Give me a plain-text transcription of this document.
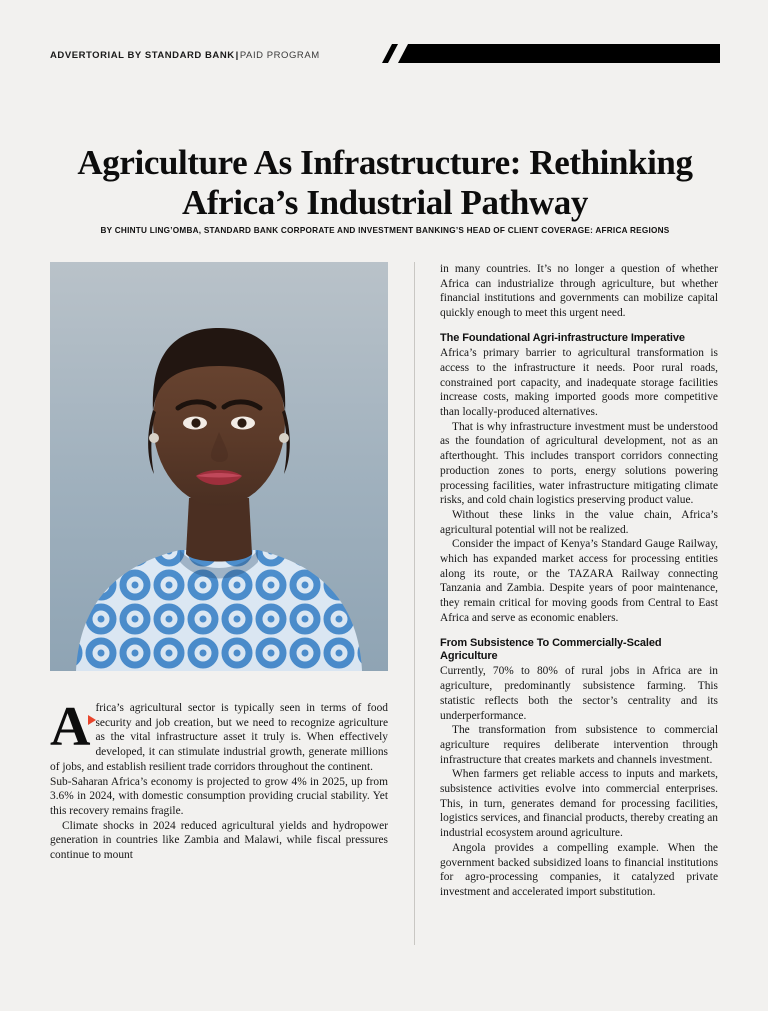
ADVERTORIAL BY STANDARD BANK|PAID PROGRAM
Agriculture As Infrastructure: Rethinking
Africa’s Industrial Pathway
BY CHINTU LING’OMBA, STANDARD BANK CORPORATE AND INVESTMENT BANKING’S HEAD OF CLIENT COVERAGE: AFRICA REGIONS
A frica’s agricultural sector is typically seen in terms of food security and job creation, but we need to recognize agriculture as the vital infrastructure asset it truly is. When effectively developed, it can stimulate industrial growth, generate millions of jobs, and establish resilient trade corridors throughout the continent.

Sub-Saharan Africa’s economy is projected to grow 4% in 2025, up from 3.6% in 2024, with domestic consumption providing crucial stability. Yet this recovery remains fragile.

Climate shocks in 2024 reduced agricultural yields and hydropower generation in countries like Zambia and Malawi, while fiscal pressures continue to mount

in many countries. It’s no longer a question of whether Africa can industrialize through agriculture, but whether financial institutions and governments can mobilize capital quickly enough to meet this urgent need.

The Foundational Agri-infrastructure Imperative

Africa’s primary barrier to agricultural transformation is access to the infrastructure it needs. Poor rural roads, constrained port capacity, and inadequate storage facilities increase costs, making imported goods more competitive than locally-produced alternatives.

That is why infrastructure investment must be understood as the foundation of agricultural development, not as an afterthought. This includes transport corridors connecting production zones to ports, energy solutions powering processing facilities, water infrastructure mitigating climate risks, and cold chain logistics preserving product value.

Without these links in the value chain, Africa’s agricultural potential will not be realized.

Consider the impact of Kenya’s Standard Gauge Railway, which has expanded market access for processing entities along its route, or the TAZARA Railway connecting Tanzania and Zambia. Despite years of poor maintenance, they remain critical for moving goods from Central to East Africa and serve as economic enablers.

From Subsistence To Commercially-Scaled Agriculture

Currently, 70% to 80% of rural jobs in Africa are in agriculture, predominantly subsistence farming. This statistic reflects both the sector’s centrality and its underperformance.

The transformation from subsistence to commercial agriculture requires deliberate intervention through infrastructure that creates markets and channels investment.

When farmers get reliable access to inputs and markets, subsistence activities evolve into commercial enterprises. This, in turn, generates demand for processing facilities, logistics services, and financial products, thereby creating an industrial ecosystem around agriculture.

Angola provides a compelling example. When the government backed subsidized loans to financial institutions for agro-processing companies, it catalyzed private investment and accelerated import substitution.
